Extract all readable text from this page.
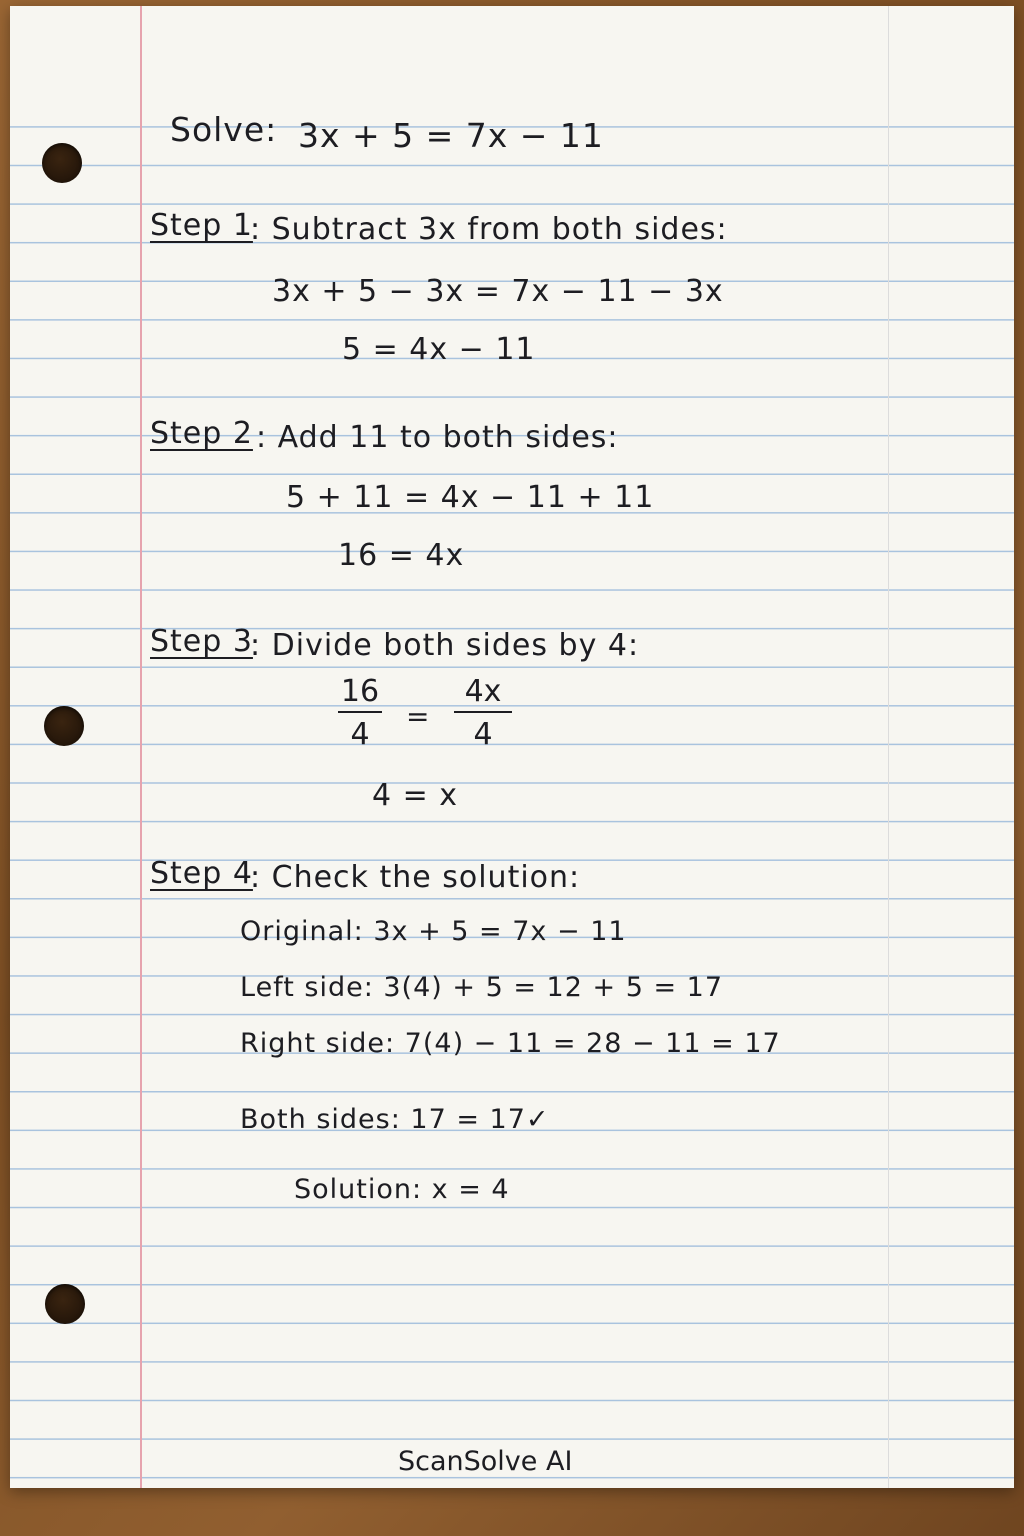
Solve: 3x + 5 = 7x − 11
Step 1
: Subtract 3x from both sides:
3x + 5 − 3x = 7x − 11 − 3x
5 = 4x − 11
Step 2 : Add 11 to both sides:
5 + 11 = 4x − 11 + 11
16 = 4x
Step 3
: Divide both sides by 4:
16
4
=
4x
4
4 = x
Step 4
: Check the solution:
Original: 3x + 5 = 7x − 11
Left side: 3(4) + 5 = 12 + 5 = 17
Right side: 7(4) − 11 = 28 − 11 = 17
Both sides: 17 = 17✓
Solution: x = 4
ScanSolve AI
